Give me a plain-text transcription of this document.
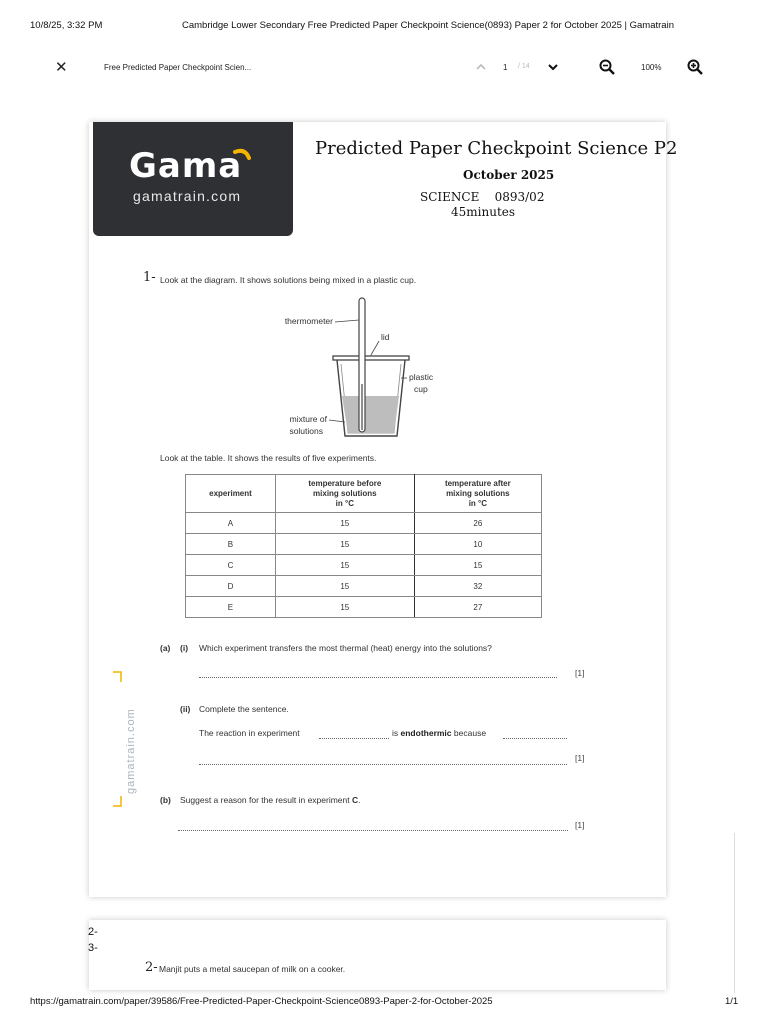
10/8/25, 3:32 PM	Cambridge Lower Secondary Free Predicted Paper Checkpoint Science(0893) Paper 2 for October 2025 | Gamatrain
✕	Free Predicted Paper Checkpoint Scien...	1 / 14	100%
Gama
gamatrain.com
Predicted Paper Checkpoint Science P2
October 2025
SCIENCE    0893/02
45minutes
1- Look at the diagram. It shows solutions being mixed in a plastic cup.
thermometer
lid
plastic
cup
mixture of
solutions
Look at the table. It shows the results of five experiments.
experiment	temperature before
mixing solutions
in °C	temperature after
mixing solutions
in °C
A	15	26
B	15	10
C	15	15
D	15	32
E	15	27
(a) (i) Which experiment transfers the most thermal (heat) energy into the solutions?
[1]
(ii) Complete the sentence.
The reaction in experiment	is endothermic because
[1]
(b) Suggest a reason for the result in experiment C.
[1]
gamatrain.com
2- Manjit puts a metal saucepan of milk on a cooker.
2-
3-
https://gamatrain.com/paper/39586/Free-Predicted-Paper-Checkpoint-Science0893-Paper-2-for-October-2025	1/1
